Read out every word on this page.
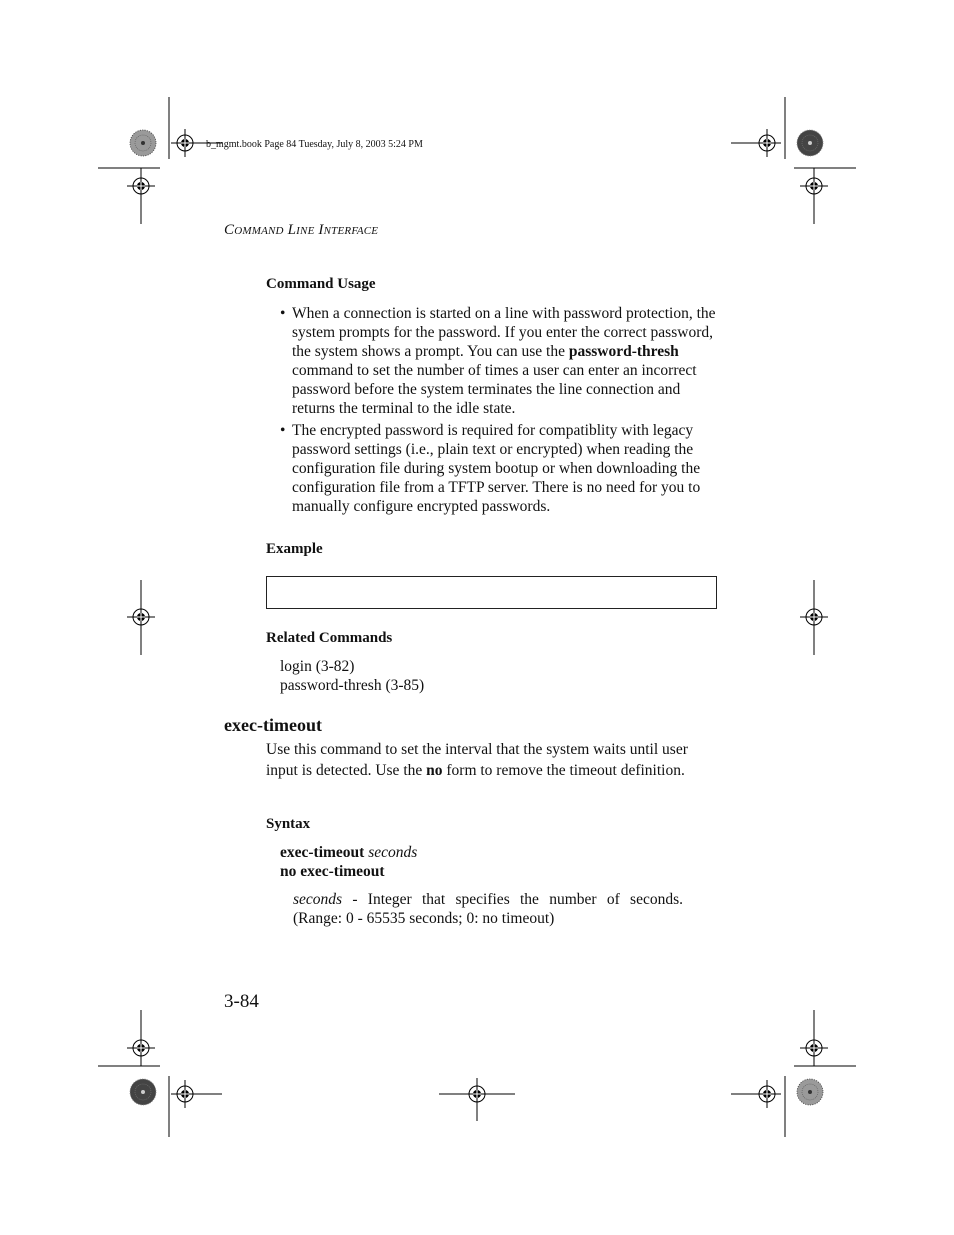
b_mgmt.book Page 84 Tuesday, July 8, 2003 5:24 PM
Command Line Interface
Command Usage
• When a connection is started on a line with password protection, the system prompts for the password. If you enter the correct password, the system shows a prompt. You can use the password-thresh command to set the number of times a user can enter an incorrect password before the system terminates the line connection and returns the terminal to the idle state.
• The encrypted password is required for compatiblity with legacy password settings (i.e., plain text or encrypted) when reading the configuration file during system bootup or when downloading the configuration file from a TFTP server. There is no need for you to manually configure encrypted passwords.
Example
Related Commands
login (3-82)
password-thresh (3-85)
exec-timeout
Use this command to set the interval that the system waits until user input is detected. Use the no form to remove the timeout definition.
Syntax
exec-timeout seconds
no exec-timeout
seconds - Integer that specifies the number of seconds. (Range: 0 - 65535 seconds; 0: no timeout)
3-84
